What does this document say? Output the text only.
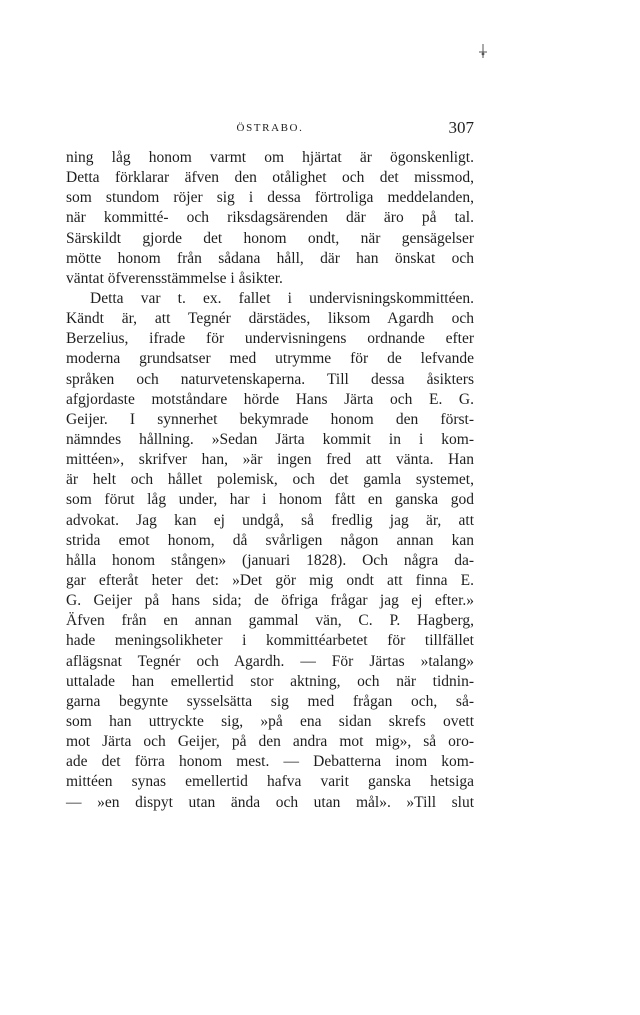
ÖSTRABO.	307
ning låg honom varmt om hjärtat är ögonskenligt.
Detta förklarar äfven den otålighet och det missmod,
som stundom röjer sig i dessa förtroliga meddelanden,
när kommitté- och riksdagsärenden där äro på tal.
Särskildt gjorde det honom ondt, när gensägelser
mötte honom från sådana håll, där han önskat och
väntat öfverensstämmelse i åsikter.
Detta var t. ex. fallet i undervisningskommittéen.
Kändt är, att Tegnér därstädes, liksom Agardh och
Berzelius, ifrade för undervisningens ordnande efter
moderna grundsatser med utrymme för de lefvande
språken och naturvetenskaperna. Till dessa åsikters
afgjordaste motståndare hörde Hans Järta och E. G.
Geijer. I synnerhet bekymrade honom den först-
nämndes hållning. »Sedan Järta kommit in i kom-
mittéen», skrifver han, »är ingen fred att vänta. Han
är helt och hållet polemisk, och det gamla systemet,
som förut låg under, har i honom fått en ganska god
advokat. Jag kan ej undgå, så fredlig jag är, att
strida emot honom, då svårligen någon annan kan
hålla honom stången» (januari 1828). Och några da-
gar efteråt heter det: »Det gör mig ondt att finna E.
G. Geijer på hans sida; de öfriga frågar jag ej efter.»
Äfven från en annan gammal vän, C. P. Hagberg,
hade meningsolikheter i kommittéarbetet för tillfället
aflägsnat Tegnér och Agardh. — För Järtas »talang»
uttalade han emellertid stor aktning, och när tidnin-
garna begynte sysselsätta sig med frågan och, så-
som han uttryckte sig, »på ena sidan skrefs ovett
mot Järta och Geijer, på den andra mot mig», så oro-
ade det förra honom mest. — Debatterna inom kom-
mittéen synas emellertid hafva varit ganska hetsiga
— »en dispyt utan ända och utan mål». »Till slut
